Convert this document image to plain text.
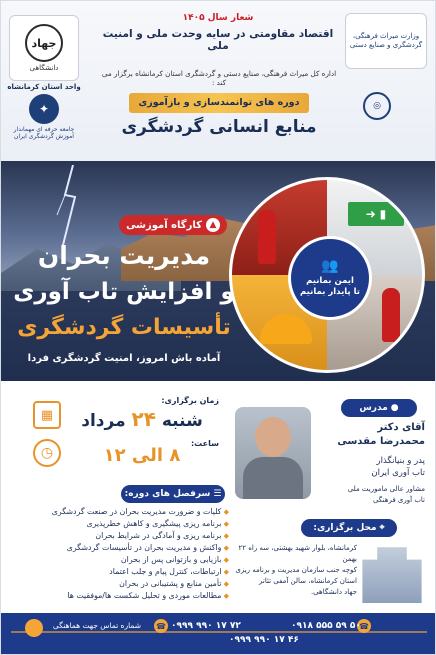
جهاد
دانشگاهی
واحد استان کرمانشاه
✦
جامعه حرفه ای مهماندار آموزش گردشگری ایران
وزارت میراث فرهنگی، گردشگری و صنایع دستی
◎
شعار سال ۱۴۰۵
اقتصاد مقاومتی در سایه وحدت ملی و امنیت ملی
اداره کل میراث فرهنگی، صنایع دستی و گردشگری استان کرمانشاه برگزار می کند :
دوره های توانمندسازی و بازآموزی
منابع انسانی گردشگری
▮ ➜
👥
ایمن بمانیم
تا پایدار بمانیم
▲
کارگاه آموزشی
مدیریت بحران
و افزایش تاب آوری
تأسیسات گردشگری
آماده باش امروز، امنیت گردشگری فردا
▦
◷
زمان برگزاری:
شنبه ۲۴ مرداد
ساعت:
۸ الی ۱۲
●
مدرس
آقای دکتر
محمدرضا مقدسی
پدر و بنیانگذار
تاب آوری ایران
مشاور عالی ماموریت ملی
تاب آوری فرهنگی
☰
سرفصل های دوره:
◆ کلیات و ضرورت مدیریت بحران در صنعت گردشگری
◆ برنامه ریزی پیشگیری و کاهش خطرپذیری
◆ برنامه ریزی و آمادگی در شرایط بحران
◆ واکنش و مدیریت بحران در تأسیسات گردشگری
◆ بازیابی و بازتوانی پس از بحران
◆ ارتباطات، کنترل پیام و جلب اعتماد
◆ تأمین منابع و پشتیبانی در بحران
◆ مطالعات موردی و تحلیل شکست ها/موفقیت ها
⌖
محل برگزاری:
کرمانشاه، بلوار شهید بهشتی، سه راه ۲۲ بهمن
کوچه جنب سازمان مدیریت و برنامه ریزی
استان کرمانشاه، سالن آمفی تئاتر
جهاد دانشگاهی.
شماره تماس جهت هماهنگی ☎ ۰۹۹۹ ۹۹۰ ۱۷ ۷۲	☎
۰۹۱۸ ۵۵۵ ۵۹ ۵۰
۰۹۹۹ ۹۹۰ ۱۷ ۴۶
